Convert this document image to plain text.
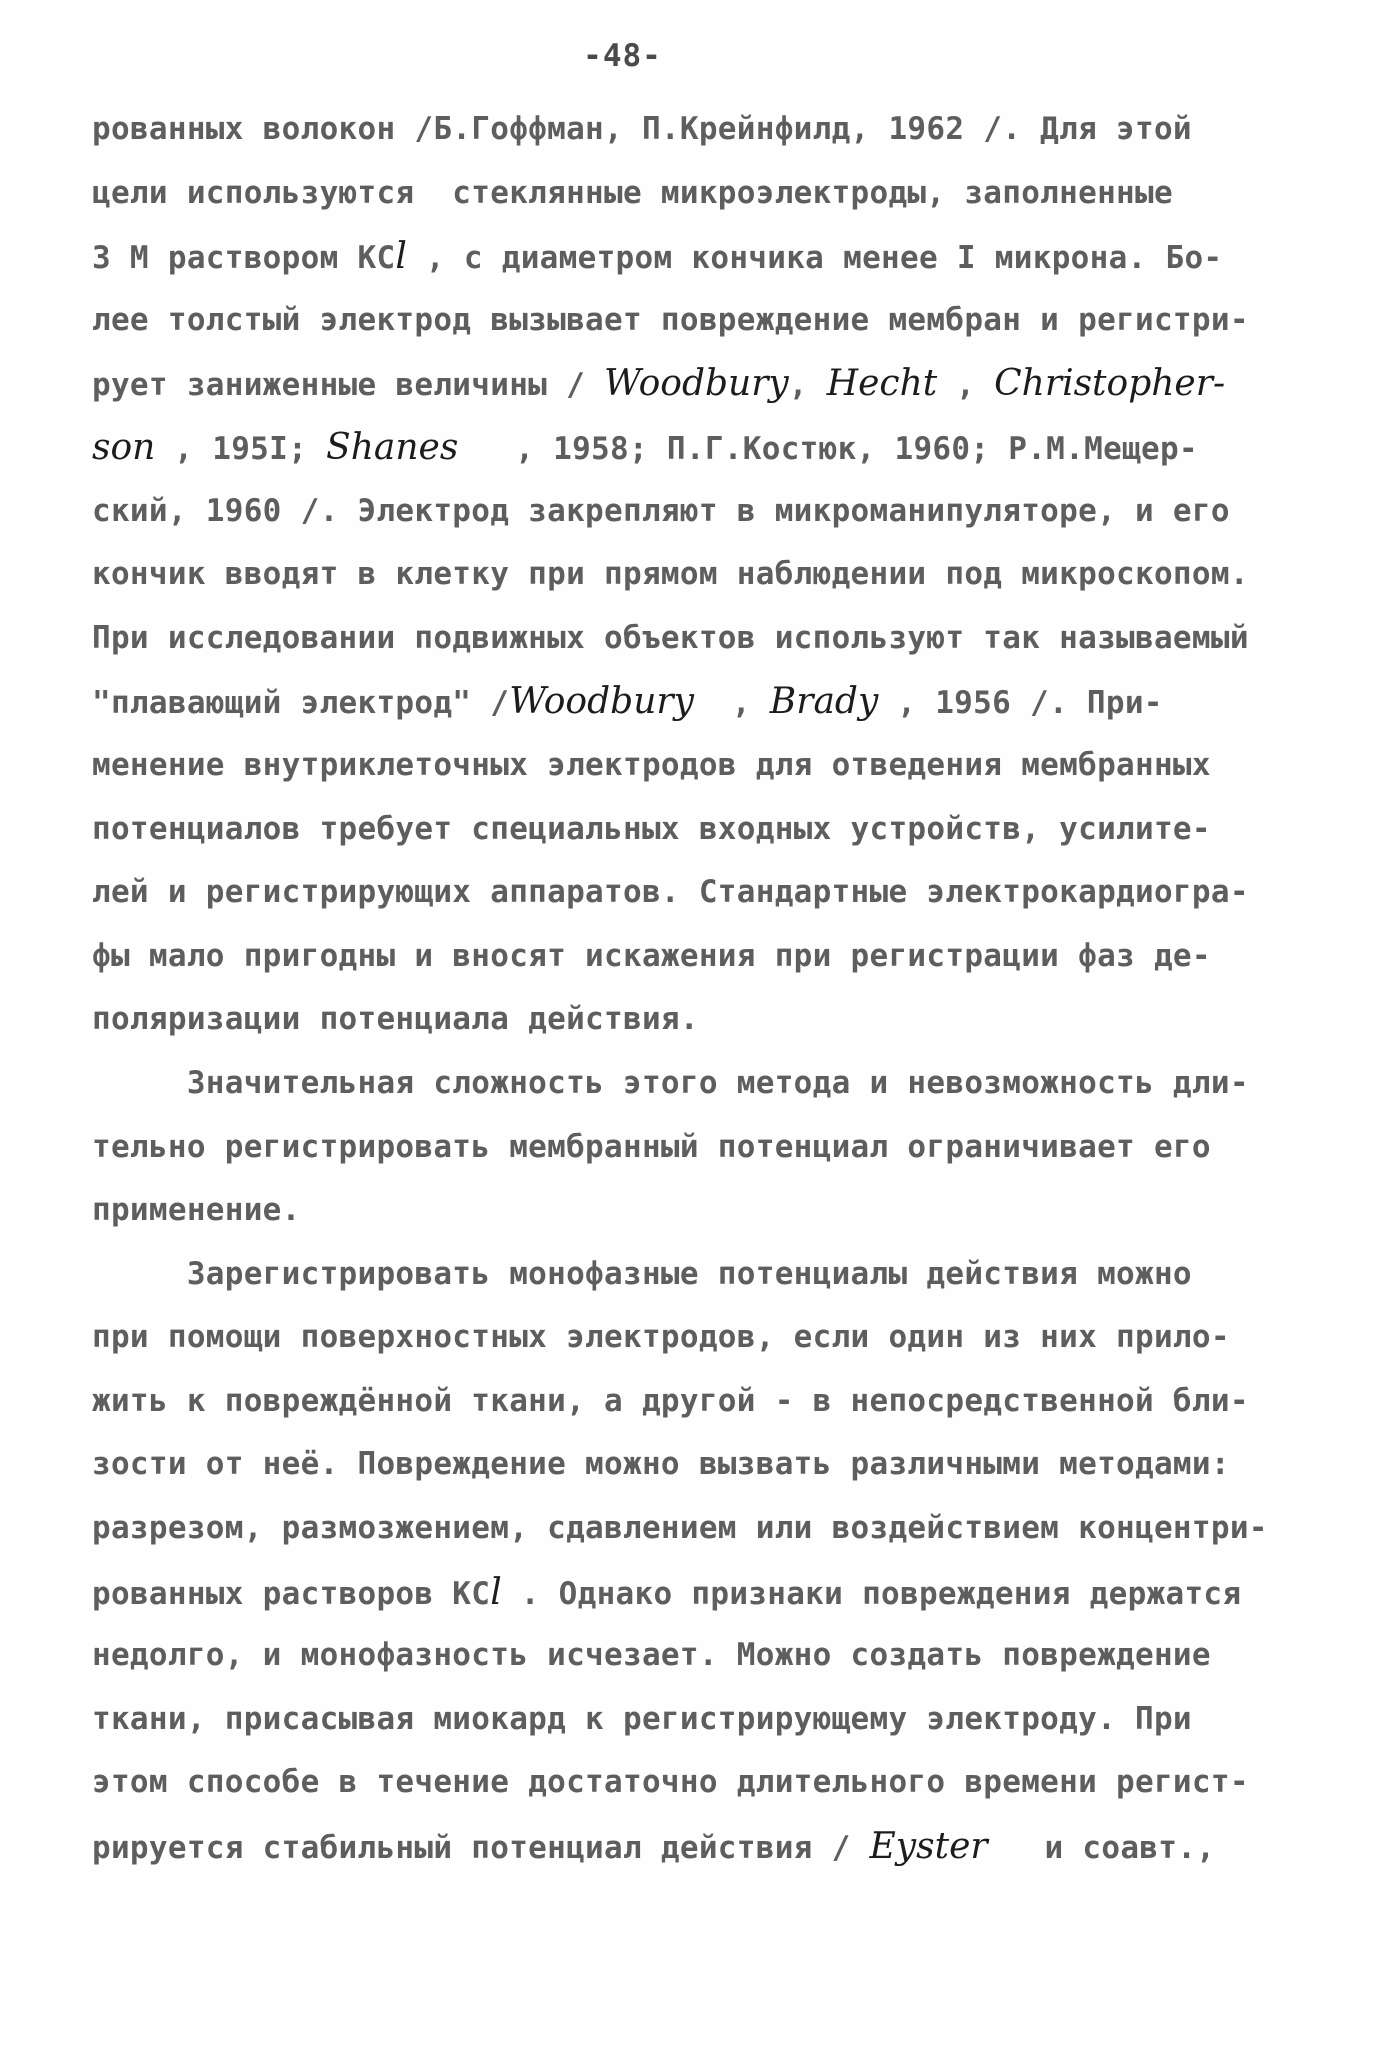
-48-
рованных волокон /Б.Гоффман, П.Крейнфилд, 1962 /. Для этой
цели используются  стеклянные микроэлектроды, заполненные
3 М раствором КСl , с диаметром кончика менее I микрона. Бо-
лее толстый электрод вызывает повреждение мембран и регистри-
рует заниженные величины / Woodbury, Hecht , Christopher-
son , 195I; Shanes   , 1958; П.Г.Костюк, 1960; Р.М.Мещер-
ский, 1960 /. Электрод закрепляют в микроманипуляторе, и его
кончик вводят в клетку при прямом наблюдении под микроскопом.
При исследовании подвижных объектов используют так называемый
"плавающий электрод" /Woodbury  , Brady , 1956 /. При-
менение внутриклеточных электродов для отведения мембранных
потенциалов требует специальных входных устройств, усилите-
лей и регистрирующих аппаратов. Стандартные электрокардиогра-
фы мало пригодны и вносят искажения при регистрации фаз де-
поляризации потенциала действия.
Значительная сложность этого метода и невозможность дли-
тельно регистрировать мембранный потенциал ограничивает его
применение.
Зарегистрировать монофазные потенциалы действия можно
при помощи поверхностных электродов, если один из них прило-
жить к повреждённой ткани, а другой - в непосредственной бли-
зости от неё. Повреждение можно вызвать различными методами:
разрезом, размозжением, сдавлением или воздействием концентри-
рованных растворов КСl . Однако признаки повреждения держатся
недолго, и монофазность исчезает. Можно создать повреждение
ткани, присасывая миокард к регистрирующему электроду. При
этом способе в течение достаточно длительного времени регист-
рируется стабильный потенциал действия / Eyster   и соавт.,
